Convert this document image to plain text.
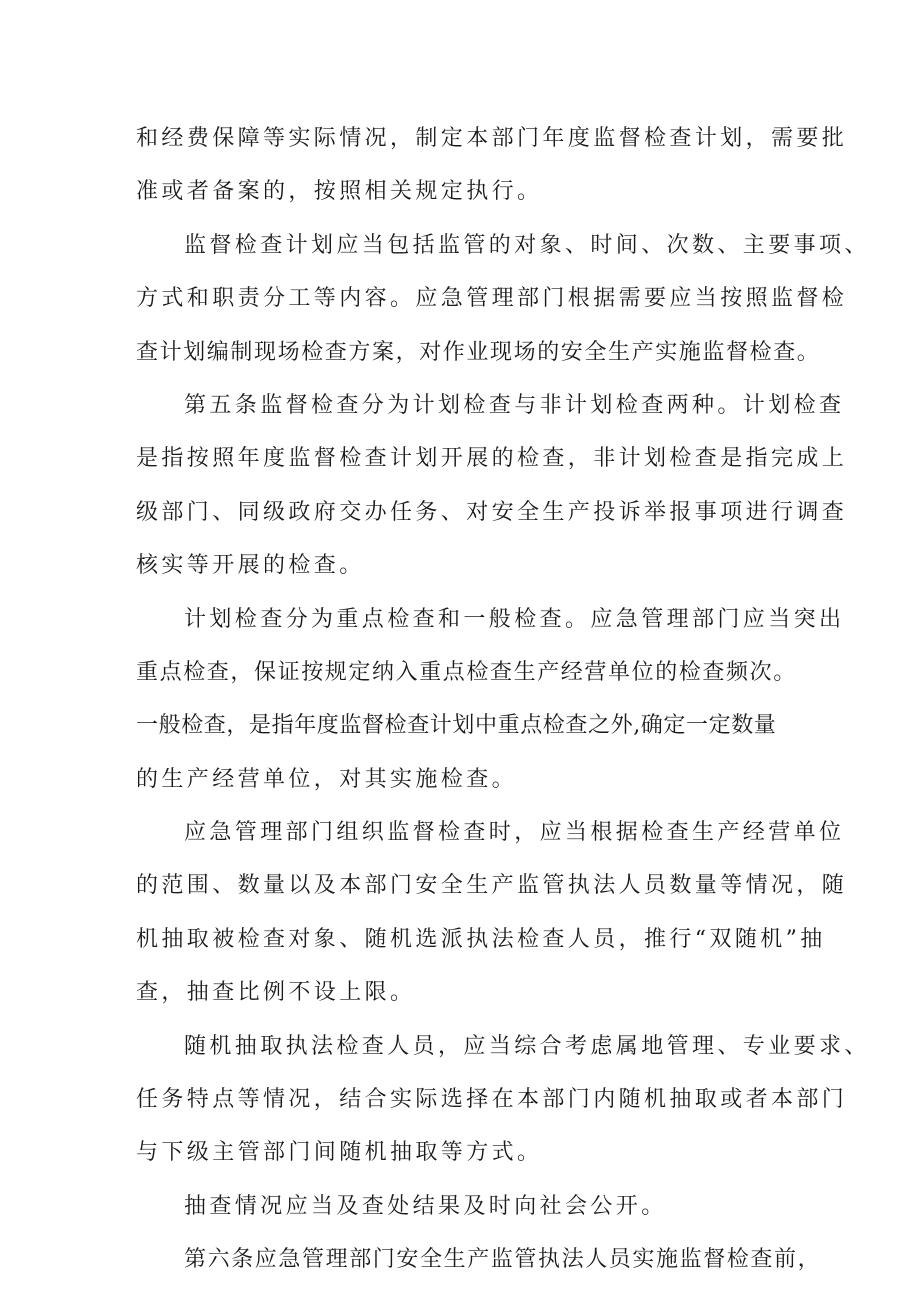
和经费保障等实际情况，制定本部门年度监督检查计划，需要批
准或者备案的，按照相关规定执行。
监督检查计划应当包括监管的对象、时间、次数、主要事项、
方式和职责分工等内容。应急管理部门根据需要应当按照监督检
查计划编制现场检查方案，对作业现场的安全生产实施监督检查。
第五条监督检查分为计划检查与非计划检查两种。计划检查
是指按照年度监督检查计划开展的检查，非计划检查是指完成上
级部门、同级政府交办任务、对安全生产投诉举报事项进行调查
核实等开展的检查。
计划检查分为重点检查和一般检查。应急管理部门应当突出
重点检查，保证按规定纳入重点检查生产经营单位的检查频次。
一般检查，是指年度监督检查计划中重点检查之外,确定一定数量
的生产经营单位，对其实施检查。
应急管理部门组织监督检查时，应当根据检查生产经营单位
的范围、数量以及本部门安全生产监管执法人员数量等情况，随
机抽取被检查对象、随机选派执法检查人员，推行“双随机”抽
查，抽查比例不设上限。
随机抽取执法检查人员，应当综合考虑属地管理、专业要求、
任务特点等情况，结合实际选择在本部门内随机抽取或者本部门
与下级主管部门间随机抽取等方式。
抽查情况应当及查处结果及时向社会公开。
第六条应急管理部门安全生产监管执法人员实施监督检查前，
